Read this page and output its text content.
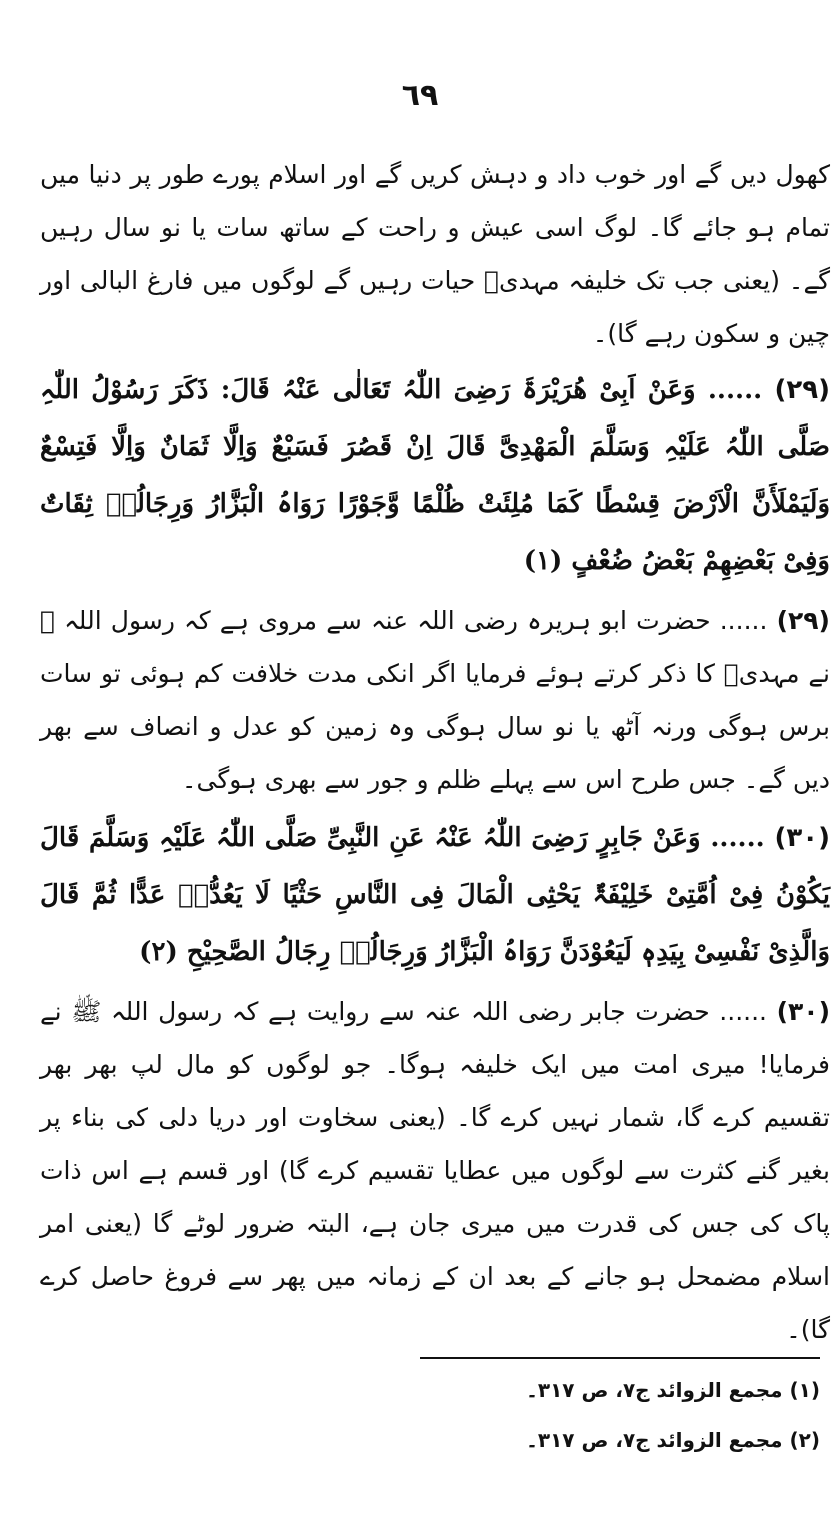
٦٩

کھول دیں گے اور خوب داد و دہش کریں گے اور اسلام پورے طور پر دنیا میں تمام ہو جائے گا۔ لوگ اسی عیش و راحت کے ساتھ سات یا نو سال رہیں گے۔ (یعنی جب تک خلیفہ مہدیؓ حیات رہیں گے لوگوں میں فارغ البالی اور چین و سکون رہے گا)۔

(٢٩) ...... وَعَنْ اَبِیْ ھُرَیْرَۃَ رَضِیَ اللّٰہُ تَعَالٰی عَنْہُ قَالَ: ذَکَرَ رَسُوْلُ اللّٰہِ صَلَّی اللّٰہُ عَلَیْہِ وَسَلَّمَ الْمَھْدِیَّ قَالَ اِنْ قَصُرَ فَسَبْعٌ وَاِلَّا ثَمَانٌ وَاِلَّا فَتِسْعٌ وَلَیَمْلَأَنَّ الْاَرْضَ قِسْطًا کَمَا مُلِئَتْ ظُلْمًا وَّجَوْرًا رَوَاہُ الْبَزَّارُ وَرِجَالُہٗ ثِقَاتٌ وَفِیْ بَعْضِھِمْ بَعْضُ ضُعْفٍ (١)

(٢٩) ...... حضرت ابو ہریرہ رضی اللہ عنہ سے مروی ہے کہ رسول اللہ ﷺ نے مہدیؓ کا ذکر کرتے ہوئے فرمایا اگر انکی مدت خلافت کم ہوئی تو سات برس ہوگی ورنہ آٹھ یا نو سال ہوگی وہ زمین کو عدل و انصاف سے بھر دیں گے۔ جس طرح اس سے پہلے ظلم و جور سے بھری ہوگی۔

(٣٠) ...... وَعَنْ جَابِرٍ رَضِیَ اللّٰہُ عَنْہُ عَنِ النَّبِیِّ صَلَّی اللّٰہُ عَلَیْہِ وَسَلَّمَ قَالَ یَکُوْنُ فِیْ اُمَّتِیْ خَلِیْفَۃٌ یَحْثِی الْمَالَ فِی النَّاسِ حَثْیًا لَا یَعُدُّہٗ عَدًّا ثُمَّ قَالَ وَالَّذِیْ نَفْسِیْ بِیَدِہٖ لَیَعُوْدَنَّ رَوَاہُ الْبَزَّارُ وَرِجَالُہٗ رِجَالُ الصَّحِیْحِ (٢)

(٣٠) ...... حضرت جابر رضی اللہ عنہ سے روایت ہے کہ رسول اللہ ﷺ نے فرمایا! میری امت میں ایک خلیفہ ہوگا۔ جو لوگوں کو مال لپ بھر بھر تقسیم کرے گا، شمار نہیں کرے گا۔ (یعنی سخاوت اور دریا دلی کی بناء پر بغیر گنے کثرت سے لوگوں میں عطایا تقسیم کرے گا) اور قسم ہے اس ذات پاک کی جس کی قدرت میں میری جان ہے، البتہ ضرور لوٹے گا (یعنی امر اسلام مضمحل ہو جانے کے بعد ان کے زمانہ میں پھر سے فروغ حاصل کرے گا)۔

(١) مجمع الزوائد ج٧، ص ٣١٧۔

(٢) مجمع الزوائد ج٧، ص ٣١٧۔
